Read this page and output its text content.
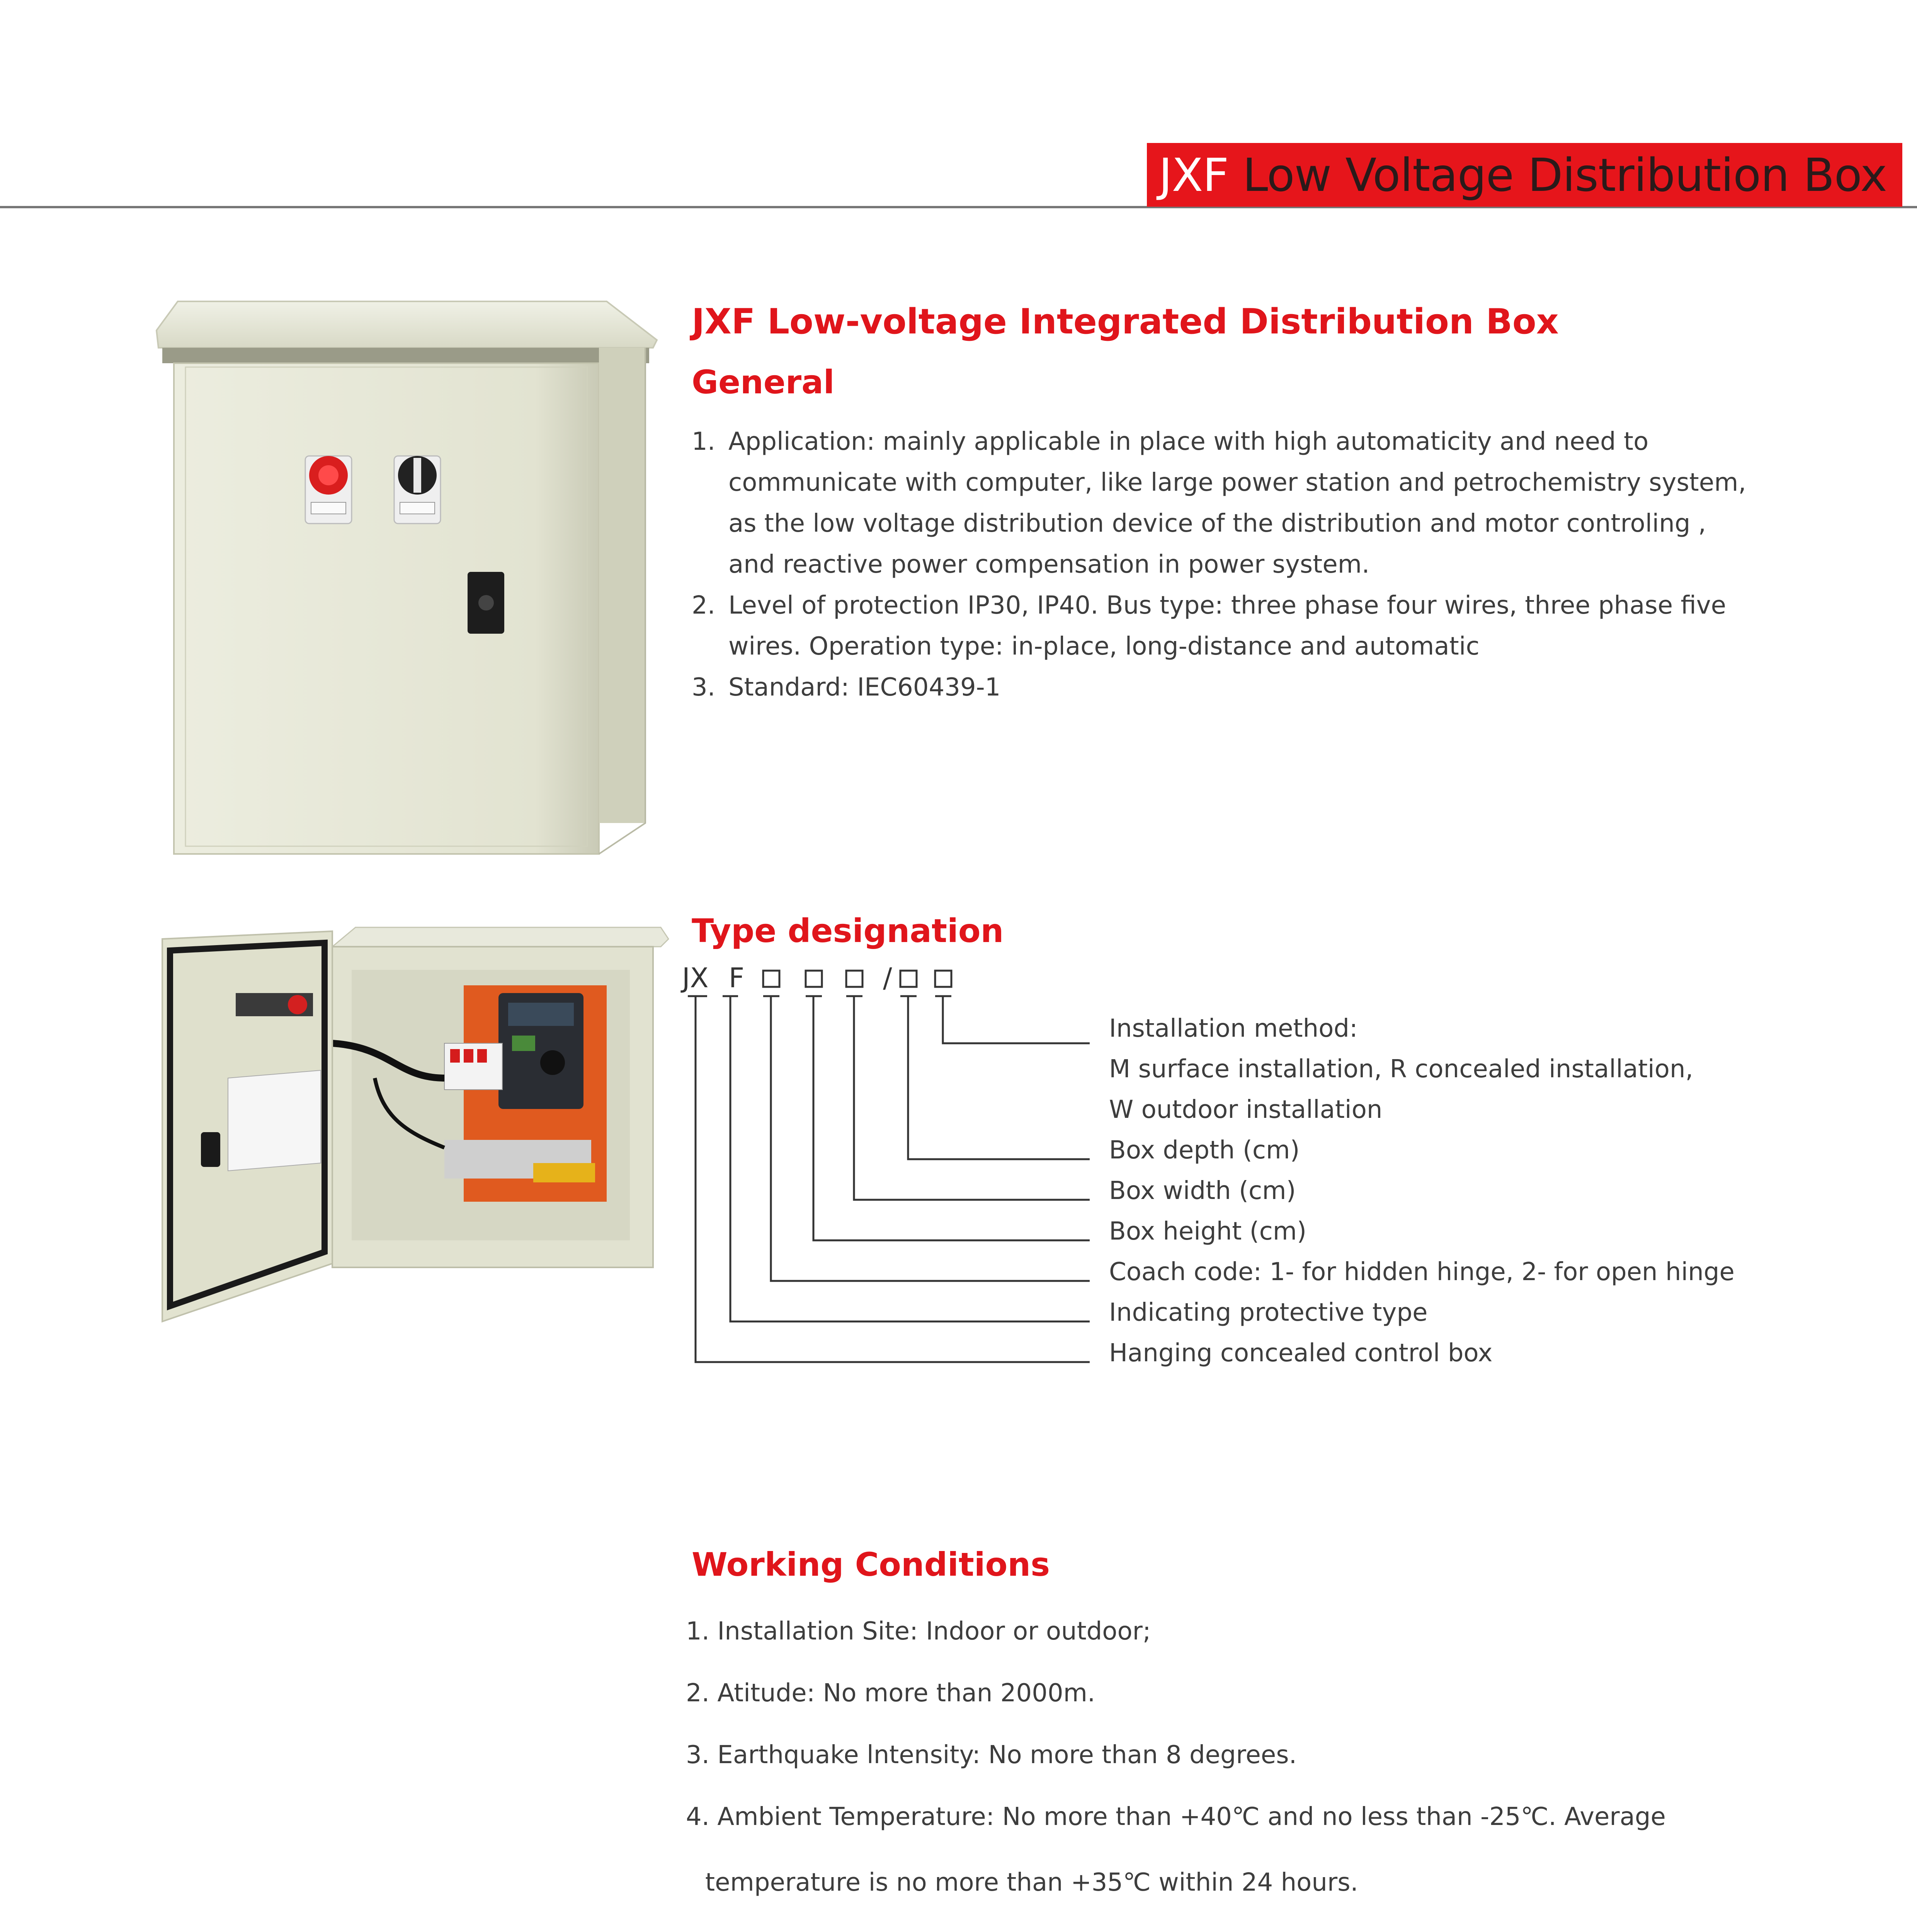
JXF Low Voltage Distribution Box
JXF Low-voltage Integrated Distribution Box
General
1. Application: mainly applicable in place with high automaticity and need to
communicate with computer, like large power station and petrochemistry system,
as the low voltage distribution device of the distribution and motor controling ,
and reactive power compensation in power system.
2. Level of protection IP30, IP40. Bus type: three phase four wires, three phase five
wires. Operation type: in-place, long-distance and automatic
3. Standard: IEC60439-1
Type designation
JX F	/
Installation method:
M surface installation, R concealed installation,
W outdoor installation
Box depth (cm)
Box width (cm)
Box height (cm)
Coach code: 1- for hidden hinge, 2- for open hinge
Indicating protective type
Hanging concealed control box
Working Conditions
1. Installation Site: Indoor or outdoor;
2. Atitude: No more than 2000m.
3. Earthquake lntensity: No more than 8 degrees.
4. Ambient Temperature: No more than +40℃ and no less than -25℃. Average
temperature is no more than +35℃ within 24 hours.
